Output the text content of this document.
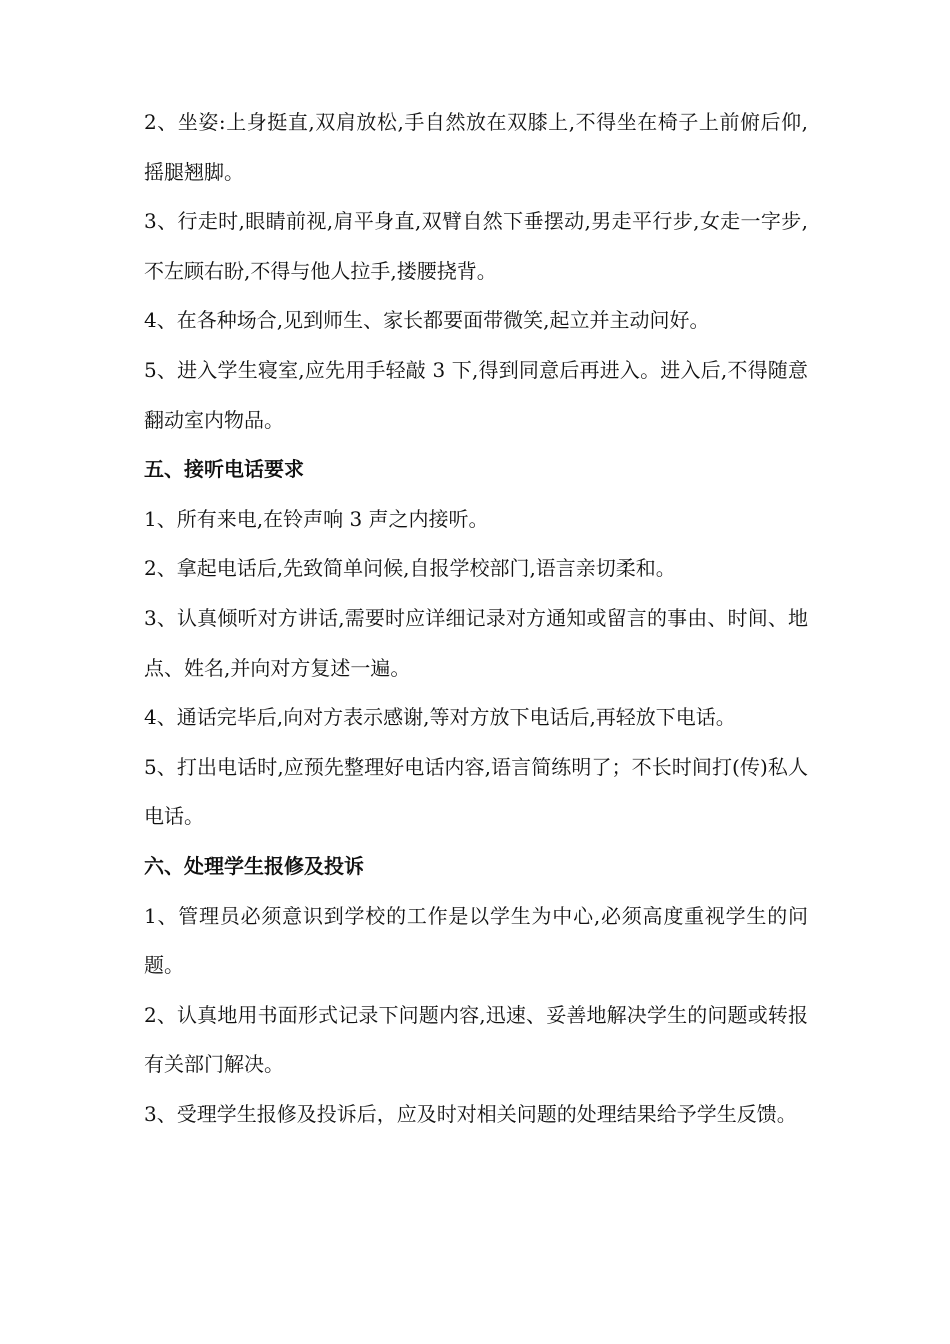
2、坐姿:上身挺直,双肩放松,手自然放在双膝上,不得坐在椅子上前俯后仰,摇腿翘脚。

3、行走时,眼睛前视,肩平身直,双臂自然下垂摆动,男走平行步,女走一字步,不左顾右盼,不得与他人拉手,搂腰挠背。

4、在各种场合,见到师生、家长都要面带微笑,起立并主动问好。

5、进入学生寝室,应先用手轻敲 3 下,得到同意后再进入。进入后,不得随意翻动室内物品。

五、接听电话要求

1、所有来电,在铃声响 3 声之内接听。

2、拿起电话后,先致简单问候,自报学校部门,语言亲切柔和。

3、认真倾听对方讲话,需要时应详细记录对方通知或留言的事由、时间、地点、姓名,并向对方复述一遍。

4、通话完毕后,向对方表示感谢,等对方放下电话后,再轻放下电话。

5、打出电话时,应预先整理好电话内容,语言简练明了；不长时间打(传)私人电话。

六、处理学生报修及投诉

1、管理员必须意识到学校的工作是以学生为中心,必须高度重视学生的问题。

2、认真地用书面形式记录下问题内容,迅速、妥善地解决学生的问题或转报有关部门解决。

3、受理学生报修及投诉后，应及时对相关问题的处理结果给予学生反馈。
